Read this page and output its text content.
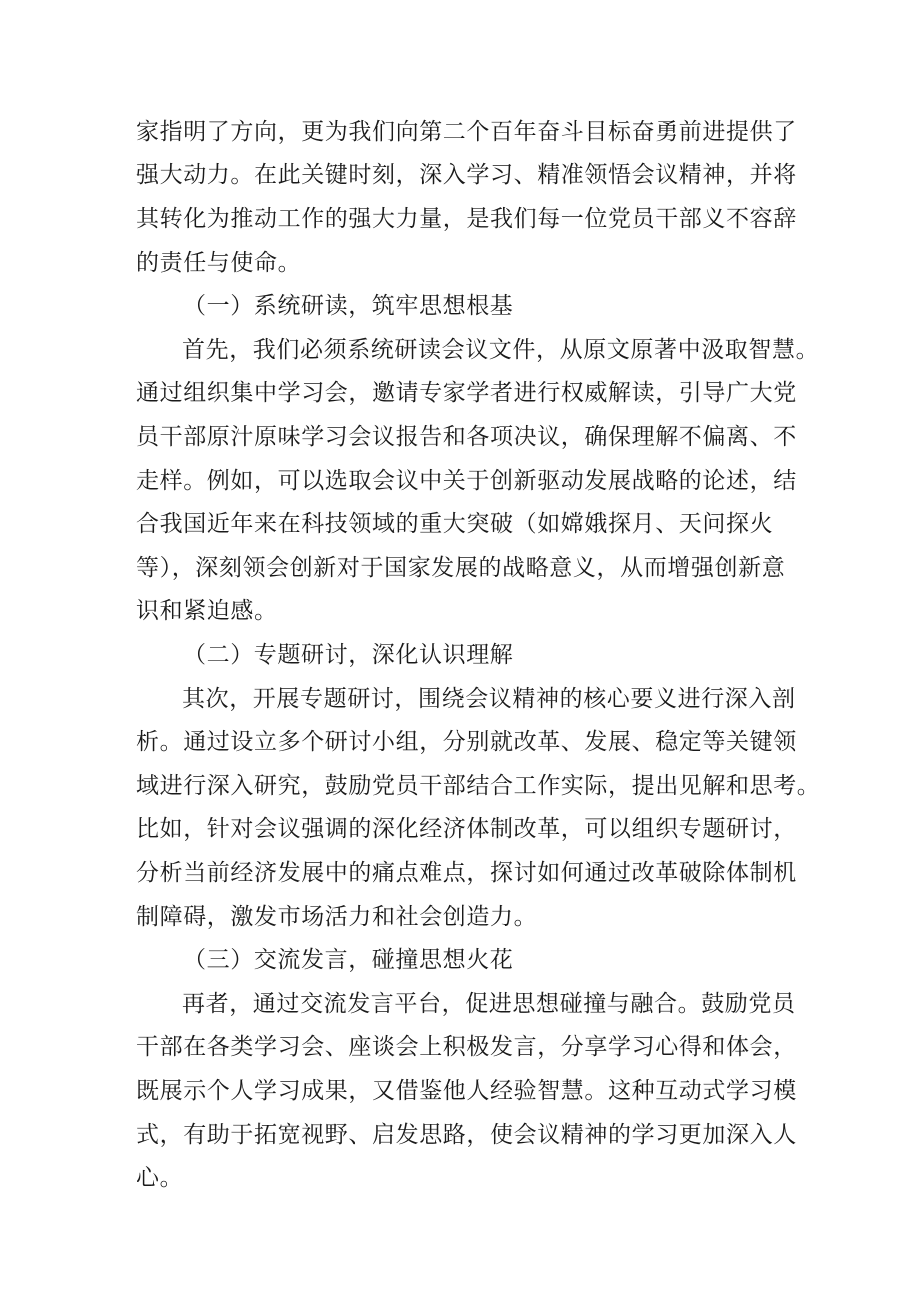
家指明了方向，更为我们向第二个百年奋斗目标奋勇前进提供了
强大动力。在此关键时刻，深入学习、精准领悟会议精神，并将
其转化为推动工作的强大力量，是我们每一位党员干部义不容辞
的责任与使命。
（一）系统研读，筑牢思想根基
首先，我们必须系统研读会议文件，从原文原著中汲取智慧。
通过组织集中学习会，邀请专家学者进行权威解读，引导广大党
员干部原汁原味学习会议报告和各项决议，确保理解不偏离、不
走样。例如，可以选取会议中关于创新驱动发展战略的论述，结
合我国近年来在科技领域的重大突破（如嫦娥探月、天问探火
等），深刻领会创新对于国家发展的战略意义，从而增强创新意
识和紧迫感。
（二）专题研讨，深化认识理解
其次，开展专题研讨，围绕会议精神的核心要义进行深入剖
析。通过设立多个研讨小组，分别就改革、发展、稳定等关键领
域进行深入研究，鼓励党员干部结合工作实际，提出见解和思考。
比如，针对会议强调的深化经济体制改革，可以组织专题研讨，
分析当前经济发展中的痛点难点，探讨如何通过改革破除体制机
制障碍，激发市场活力和社会创造力。
（三）交流发言，碰撞思想火花
再者，通过交流发言平台，促进思想碰撞与融合。鼓励党员
干部在各类学习会、座谈会上积极发言，分享学习心得和体会，
既展示个人学习成果，又借鉴他人经验智慧。这种互动式学习模
式，有助于拓宽视野、启发思路，使会议精神的学习更加深入人
心。
